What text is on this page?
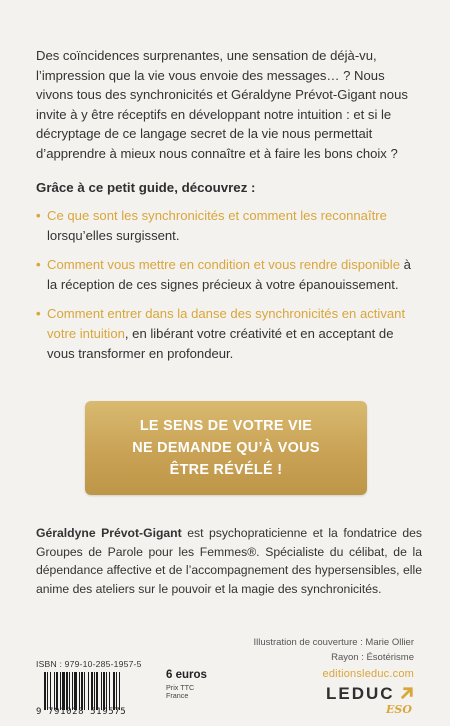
Des coïncidences surprenantes, une sensation de déjà-vu, l’impression que la vie vous envoie des messages… ? Nous vivons tous des synchronicités et Géraldyne Prévot-Gigant nous invite à y être réceptifs en développant notre intuition : et si le décryptage de ce langage secret de la vie nous permettait d’apprendre à mieux nous connaître et à faire les bons choix ?

Grâce à ce petit guide, découvrez :

• Ce que sont les synchronicités et comment les reconnaître lorsqu’elles surgissent.
• Comment vous mettre en condition et vous rendre disponible à la réception de ces signes précieux à votre épanouissement.
• Comment entrer dans la danse des synchronicités en activant votre intuition, en libérant votre créativité et en acceptant de vous transformer en profondeur.
LE SENS DE VOTRE VIE
NE DEMANDE QU’À VOUS
ÊTRE RÉVÉLÉ !

Géraldyne Prévot-Gigant est psychopraticienne et la fondatrice des Groupes de Parole pour les Femmes®. Spécialiste du célibat, de la dépendance affective et de l’accompagnement des hypersensibles, elle anime des ateliers sur le pouvoir et la magie des synchronicités.

Illustration de couverture : Marie Ollier
Rayon : Ésotérisme
ISBN : 979-10-285-1957-5
9 791028 519575
6 euros
Prix TTC
France
editionsleduc.com
LEDUC
ESO
